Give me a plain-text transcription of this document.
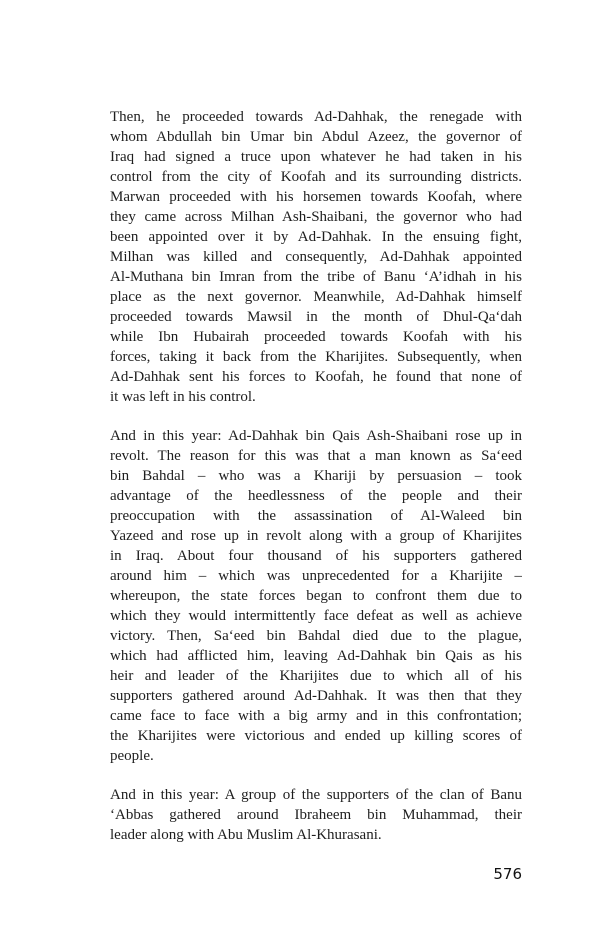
Then, he proceeded towards Ad-Dahhak, the renegade with
whom Abdullah bin Umar bin Abdul Azeez, the governor of
Iraq had signed a truce upon whatever he had taken in his
control from the city of Koofah and its surrounding districts.
Marwan proceeded with his horsemen towards Koofah, where
they came across Milhan Ash-Shaibani, the governor who had
been appointed over it by Ad-Dahhak. In the ensuing fight,
Milhan was killed and consequently, Ad-Dahhak appointed
Al-Muthana bin Imran from the tribe of Banu ‘A’idhah in his
place as the next governor. Meanwhile, Ad-Dahhak himself
proceeded towards Mawsil in the month of Dhul-Qa‘dah
while Ibn Hubairah proceeded towards Koofah with his
forces, taking it back from the Kharijites. Subsequently, when
Ad-Dahhak sent his forces to Koofah, he found that none of
it was left in his control.
And in this year: Ad-Dahhak bin Qais Ash-Shaibani rose up in
revolt. The reason for this was that a man known as Sa‘eed
bin Bahdal – who was a Khariji by persuasion – took
advantage of the heedlessness of the people and their
preoccupation with the assassination of Al-Waleed bin
Yazeed and rose up in revolt along with a group of Kharijites
in Iraq. About four thousand of his supporters gathered
around him – which was unprecedented for a Kharijite –
whereupon, the state forces began to confront them due to
which they would intermittently face defeat as well as achieve
victory. Then, Sa‘eed bin Bahdal died due to the plague,
which had afflicted him, leaving Ad-Dahhak bin Qais as his
heir and leader of the Kharijites due to which all of his
supporters gathered around Ad-Dahhak. It was then that they
came face to face with a big army and in this confrontation;
the Kharijites were victorious and ended up killing scores of
people.
And in this year: A group of the supporters of the clan of Banu
‘Abbas gathered around Ibraheem bin Muhammad, their
leader along with Abu Muslim Al-Khurasani.
576
